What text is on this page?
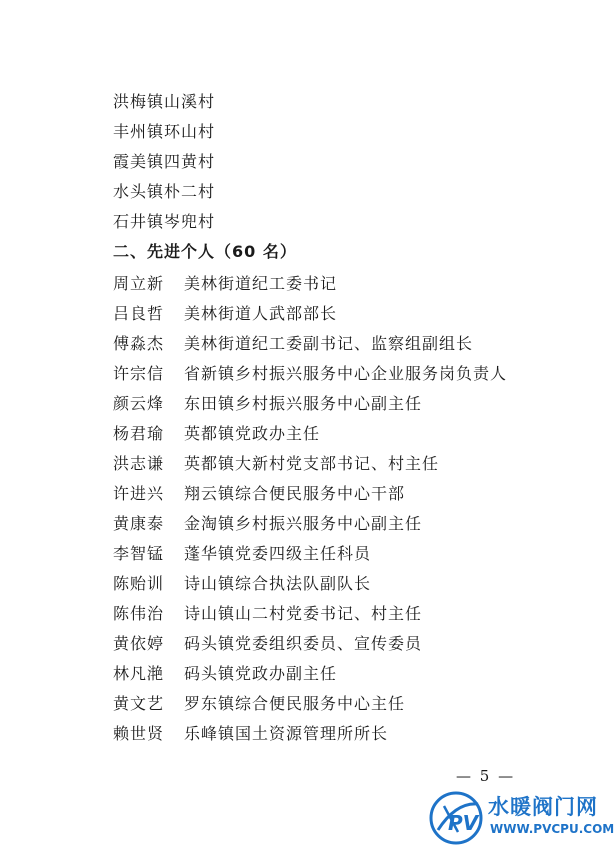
洪梅镇山溪村
丰州镇环山村
霞美镇四黄村
水头镇朴二村
石井镇岑兜村
二、先进个人（60 名）
周立新 美林街道纪工委书记
吕良哲 美林街道人武部部长
傅淼杰 美林街道纪工委副书记、监察组副组长
许宗信 省新镇乡村振兴服务中心企业服务岗负责人
颜云烽 东田镇乡村振兴服务中心副主任
杨君瑜 英都镇党政办主任
洪志谦 英都镇大新村党支部书记、村主任
许进兴 翔云镇综合便民服务中心干部
黄康泰 金淘镇乡村振兴服务中心副主任
李智锰 蓬华镇党委四级主任科员
陈贻训 诗山镇综合执法队副队长
陈伟治 诗山镇山二村党委书记、村主任
黄依婷 码头镇党委组织委员、宣传委员
林凡滟 码头镇党政办副主任
黄文艺 罗东镇综合便民服务中心主任
赖世贤 乐峰镇国土资源管理所所长
— 5 —
PV
水暖阀门网
WWW.PVCPU.COM
